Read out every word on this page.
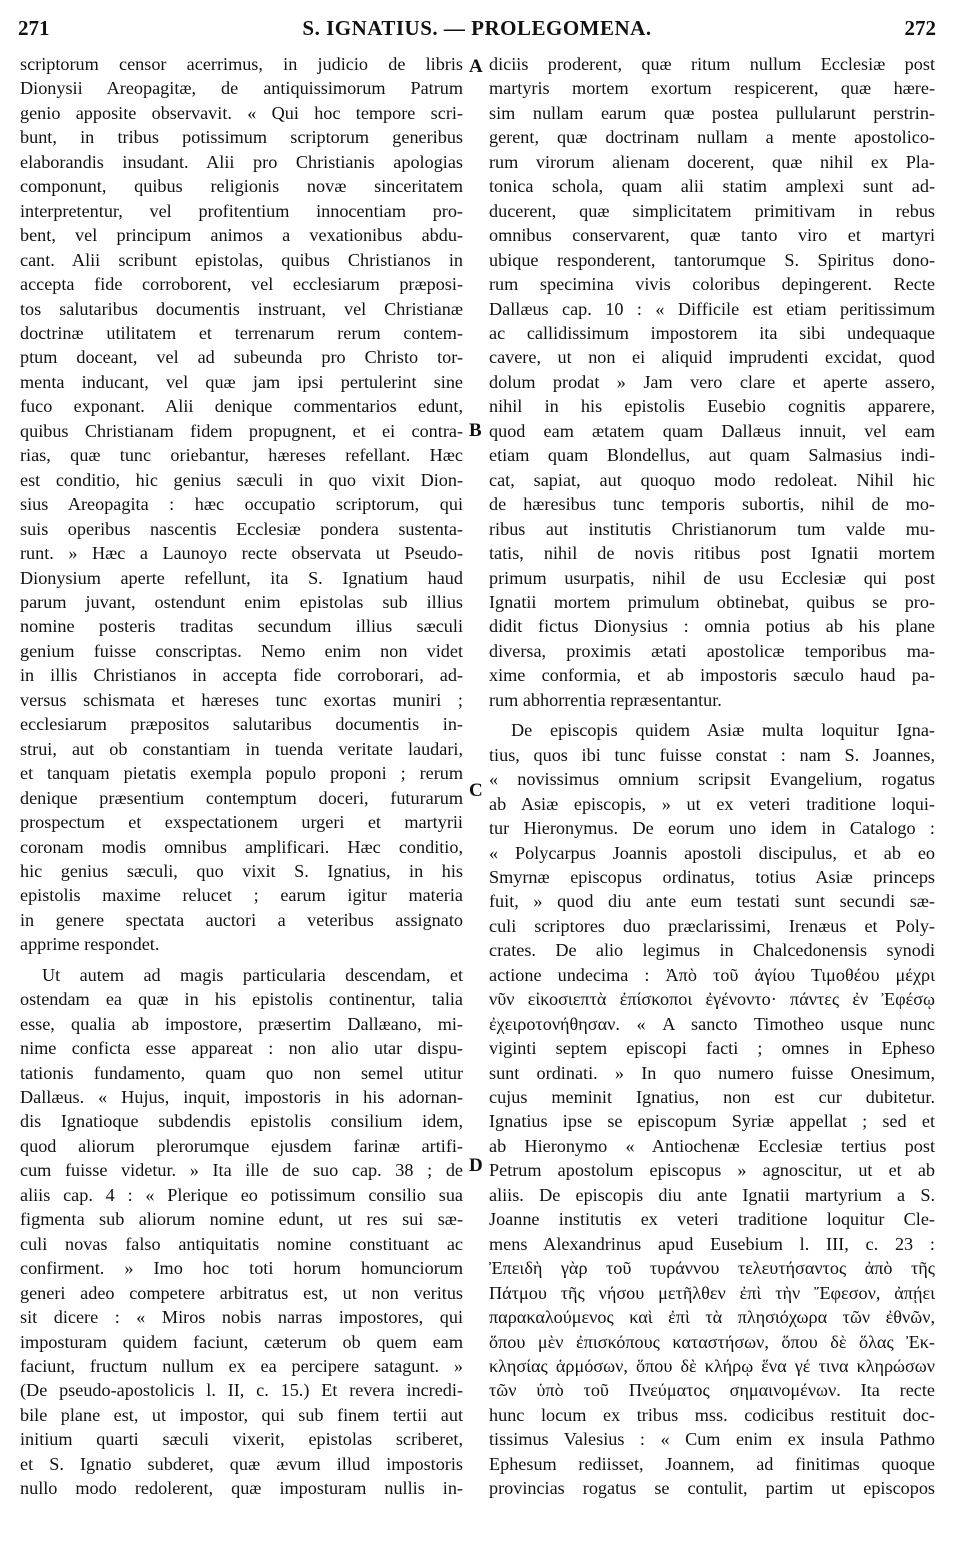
271	S. IGNATIUS. — PROLEGOMENA.	272
scriptorum censor acerrimus, in judicio de libris
Dionysii Areopagitæ, de antiquissimorum Patrum
genio apposite observavit. « Qui hoc tempore scri-
bunt, in tribus potissimum scriptorum generibus
elaborandis insudant. Alii pro Christianis apologias
componunt, quibus religionis novæ sinceritatem
interpretentur, vel profitentium innocentiam pro-
bent, vel principum animos a vexationibus abdu-
cant. Alii scribunt epistolas, quibus Christianos in
accepta fide corroborent, vel ecclesiarum præposi-
tos salutaribus documentis instruant, vel Christianæ
doctrinæ utilitatem et terrenarum rerum contem-
ptum doceant, vel ad subeunda pro Christo tor-
menta inducant, vel quæ jam ipsi pertulerint sine
fuco exponant. Alii denique commentarios edunt,
quibus Christianam fidem propugnent, et ei contra-
rias, quæ tunc oriebantur, hæreses refellant. Hæc
est conditio, hic genius sæculi in quo vixit Dion-
sius Areopagita : hæc occupatio scriptorum, qui
suis operibus nascentis Ecclesiæ pondera sustenta-
runt. » Hæc a Launoyo recte observata ut Pseudo-
Dionysium aperte refellunt, ita S. Ignatium haud
parum juvant, ostendunt enim epistolas sub illius
nomine posteris traditas secundum illius sæculi
genium fuisse conscriptas. Nemo enim non videt
in illis Christianos in accepta fide corroborari, ad-
versus schismata et hæreses tunc exortas muniri ;
ecclesiarum præpositos salutaribus documentis in-
strui, aut ob constantiam in tuenda veritate laudari,
et tanquam pietatis exempla populo proponi ; rerum
denique præsentium contemptum doceri, futurarum
prospectum et exspectationem urgeri et martyrii
coronam modis omnibus amplificari. Hæc conditio,
hic genius sæculi, quo vixit S. Ignatius, in his
epistolis maxime relucet ; earum igitur materia
in genere spectata auctori a veteribus assignato
apprime respondet.
Ut autem ad magis particularia descendam, et
ostendam ea quæ in his epistolis continentur, talia
esse, qualia ab impostore, præsertim Dallæano, mi-
nime conficta esse appareat : non alio utar dispu-
tationis fundamento, quam quo non semel utitur
Dallæus. « Hujus, inquit, impostoris in his adornan-
dis Ignatioque subdendis epistolis consilium idem,
quod aliorum plerorumque ejusdem farinæ artifi-
cum fuisse videtur. » Ita ille de suo cap. 38 ; de
aliis cap. 4 : « Plerique eo potissimum consilio sua
figmenta sub aliorum nomine edunt, ut res sui sæ-
culi novas falso antiquitatis nomine constituant ac
confirment. » Imo hoc toti horum homunciorum
generi adeo competere arbitratus est, ut non veritus
sit dicere : « Miros nobis narras impostores, qui
imposturam quidem faciunt, cæterum ob quem eam
faciunt, fructum nullum ex ea percipere satagunt. »
(De pseudo-apostolicis l. II, c. 15.) Et revera incredi-
bile plane est, ut impostor, qui sub finem tertii aut
initium quarti sæculi vixerit, epistolas scriberet,
et S. Ignatio subderet, quæ ævum illud impostoris
nullo modo redolerent, quæ imposturam nullis in-
diciis proderent, quæ ritum nullum Ecclesiæ post
martyris mortem exortum respicerent, quæ hære-
sim nullam earum quæ postea pullularunt perstrin-
gerent, quæ doctrinam nullam a mente apostolico-
rum virorum alienam docerent, quæ nihil ex Pla-
tonica schola, quam alii statim amplexi sunt ad-
ducerent, quæ simplicitatem primitivam in rebus
omnibus conservarent, quæ tanto viro et martyri
ubique responderent, tantorumque S. Spiritus dono-
rum specimina vivis coloribus depingerent. Recte
Dallæus cap. 10 : « Difficile est etiam peritissimum
ac callidissimum impostorem ita sibi undequaque
cavere, ut non ei aliquid imprudenti excidat, quod
dolum prodat » Jam vero clare et aperte assero,
nihil in his epistolis Eusebio cognitis apparere,
quod eam ætatem quam Dallæus innuit, vel eam
etiam quam Blondellus, aut quam Salmasius indi-
cat, sapiat, aut quoquo modo redoleat. Nihil hic
de hæresibus tunc temporis subortis, nihil de mo-
ribus aut institutis Christianorum tum valde mu-
tatis, nihil de novis ritibus post Ignatii mortem
primum usurpatis, nihil de usu Ecclesiæ qui post
Ignatii mortem primulum obtinebat, quibus se pro-
didit fictus Dionysius : omnia potius ab his plane
diversa, proximis ætati apostolicæ temporibus ma-
xime conformia, et ab impostoris sæculo haud pa-
rum abhorrentia repræsentantur.
De episcopis quidem Asiæ multa loquitur Igna-
tius, quos ibi tunc fuisse constat : nam S. Joannes,
« novissimus omnium scripsit Evangelium, rogatus
ab Asiæ episcopis, » ut ex veteri traditione loqui-
tur Hieronymus. De eorum uno idem in Catalogo :
« Polycarpus Joannis apostoli discipulus, et ab eo
Smyrnæ episcopus ordinatus, totius Asiæ princeps
fuit, » quod diu ante eum testati sunt secundi sæ-
culi scriptores duo præclarissimi, Irenæus et Poly-
crates. De alio legimus in Chalcedonensis synodi
actione undecima : Ἀπὸ τοῦ ἁγίου Τιμοθέου μέχρι
νῦν εἰκοσιεπτὰ ἐπίσκοποι ἐγένοντο· πάντες ἐν Ἐφέσῳ
ἐχειροτονήθησαν. « A sancto Timotheo usque nunc
viginti septem episcopi facti ; omnes in Epheso
sunt ordinati. » In quo numero fuisse Onesimum,
cujus meminit Ignatius, non est cur dubitetur.
Ignatius ipse se episcopum Syriæ appellat ; sed et
ab Hieronymo « Antiochenæ Ecclesiæ tertius post
Petrum apostolum episcopus » agnoscitur, ut et ab
aliis. De episcopis diu ante Ignatii martyrium a S.
Joanne institutis ex veteri traditione loquitur Cle-
mens Alexandrinus apud Eusebium l. III, c. 23 :
Ἐπειδὴ γὰρ τοῦ τυράννου τελευτήσαντος ἀπὸ τῆς
Πάτμου τῆς νήσου μετῆλθεν ἐπὶ τὴν Ἔφεσον, ἀπῄει
παρακαλούμενος καὶ ἐπὶ τὰ πλησιόχωρα τῶν ἐθνῶν,
ὅπου μὲν ἐπισκόπους καταστήσων, ὅπου δὲ ὅλας Ἐκ-
κλησίας ἁρμόσων, ὅπου δὲ κλήρῳ ἕνα γέ τινα κληρώσων
τῶν ὑπὸ τοῦ Πνεύματος σημαινομένων. Ita recte
hunc locum ex tribus mss. codicibus restituit doc-
tissimus Valesius : « Cum enim ex insula Pathmo
Ephesum rediisset, Joannem, ad finitimas quoque
provincias rogatus se contulit, partim ut episcopos
A
B
C
D
